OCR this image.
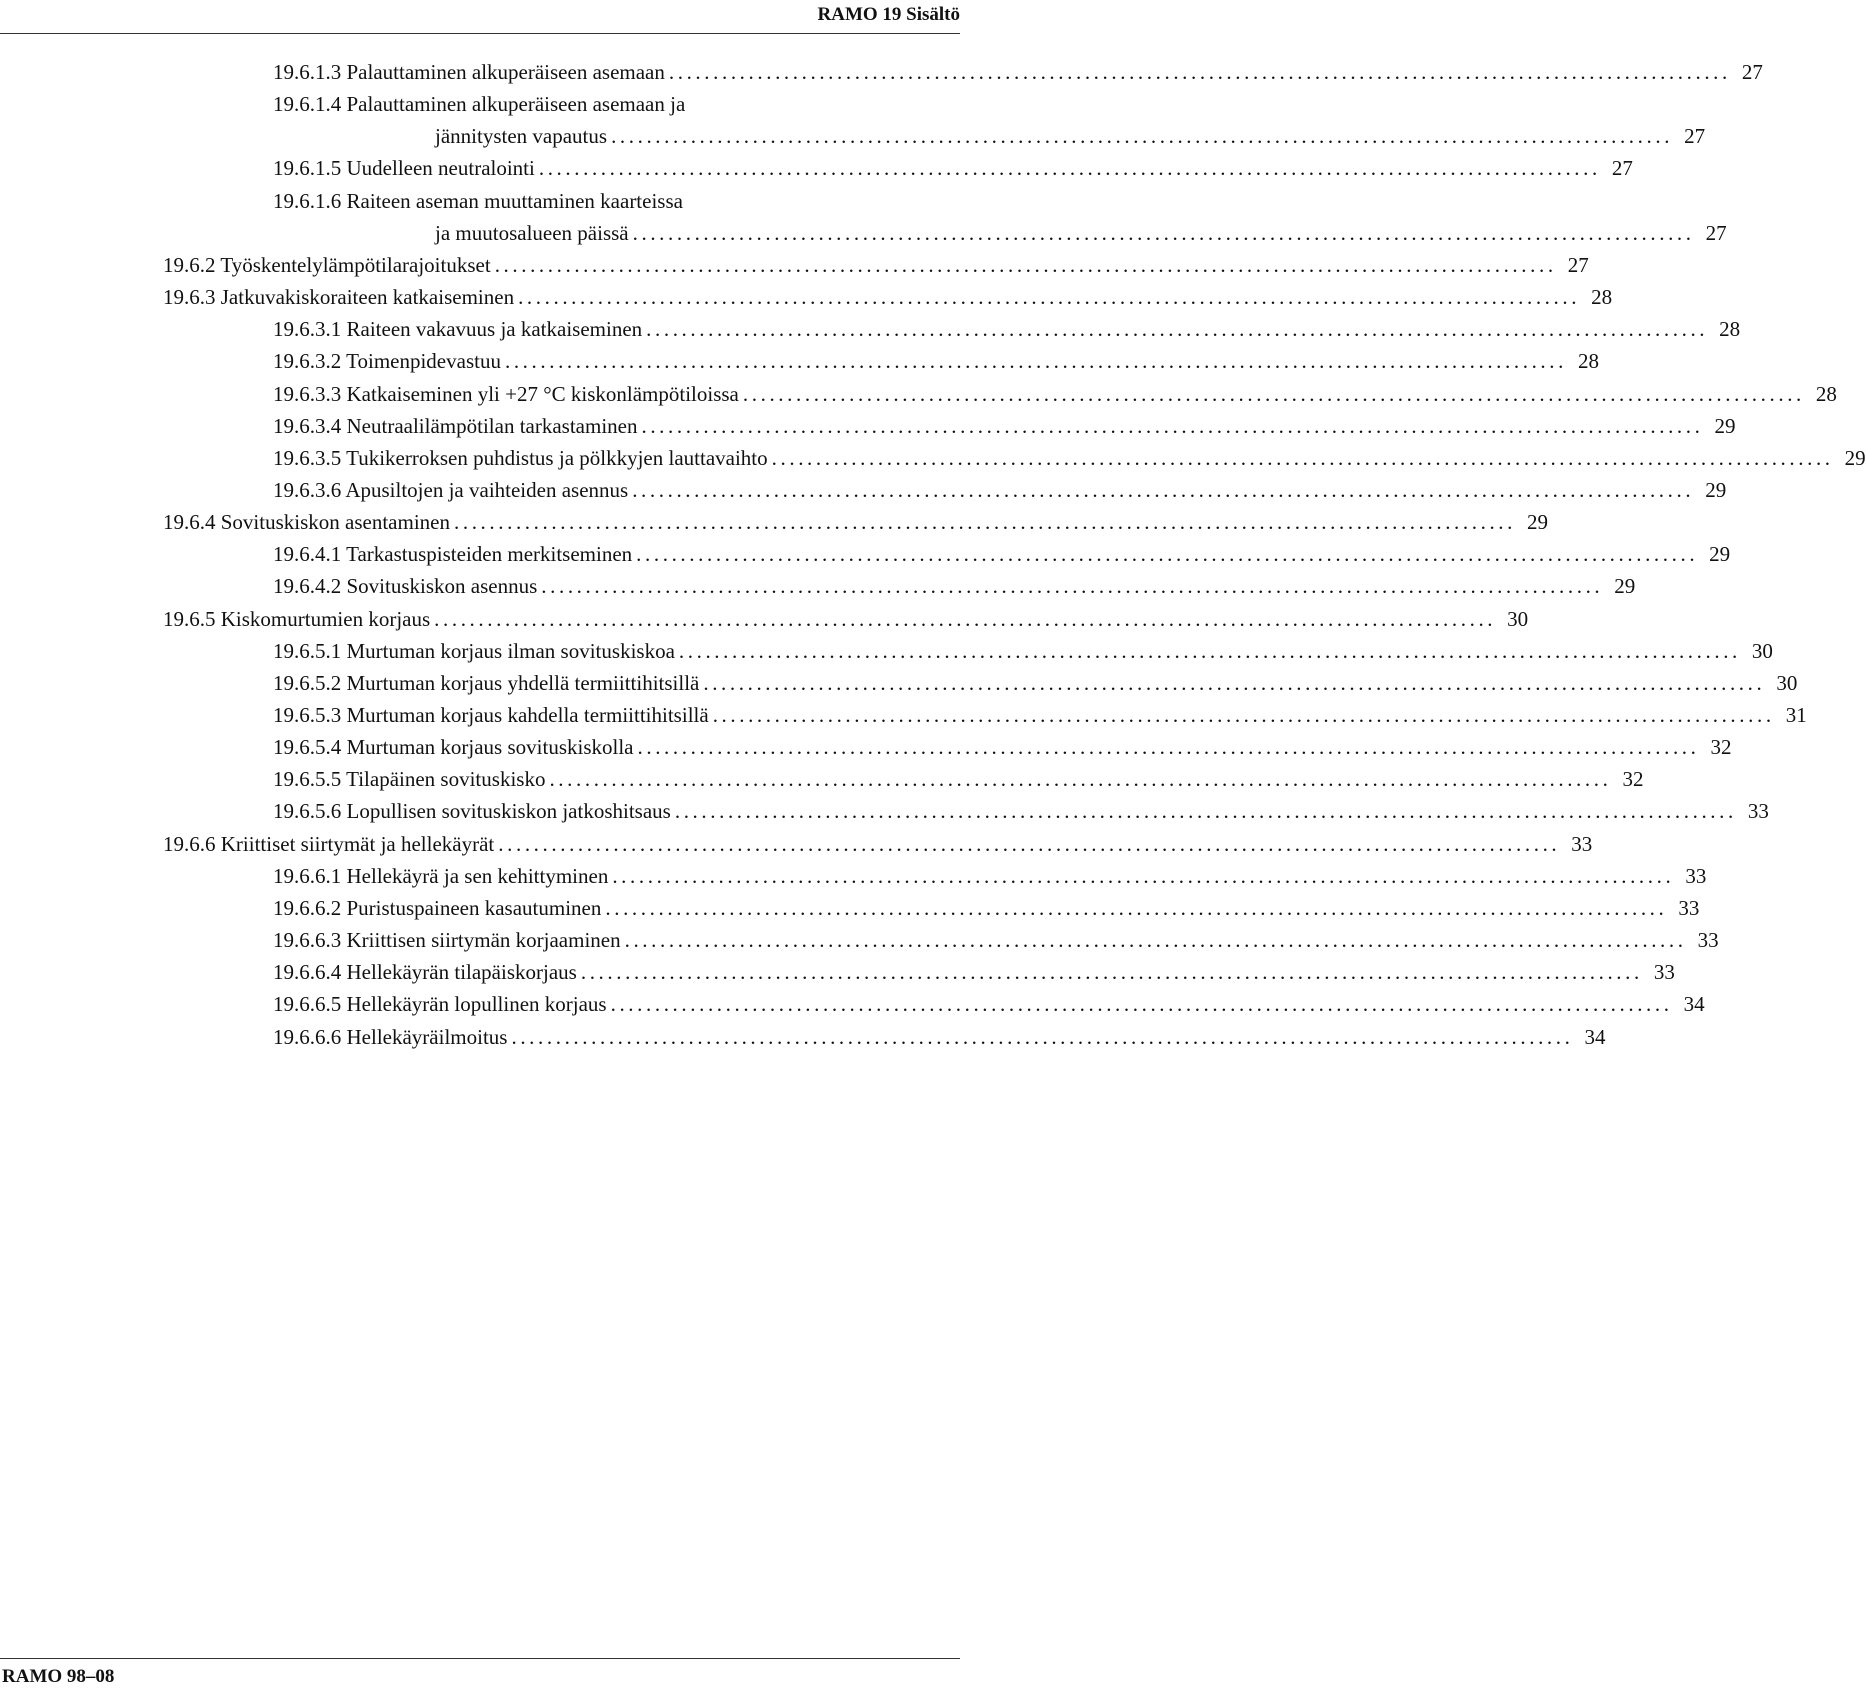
RAMO 19 Sisältö
19.6.1.3 Palauttaminen alkuperäiseen asemaan ........................................................................................................................ 27
19.6.1.4 Palauttaminen alkuperäiseen asemaan ja
jännitysten vapautus ........................................................................................................................ 27
19.6.1.5 Uudelleen neutralointi ........................................................................................................................ 27
19.6.1.6 Raiteen aseman muuttaminen kaarteissa
ja muutosalueen päissä ........................................................................................................................ 27
19.6.2 Työskentelylämpötilarajoitukset ........................................................................................................................ 27
19.6.3 Jatkuvakiskoraiteen katkaiseminen ........................................................................................................................ 28
19.6.3.1 Raiteen vakavuus ja katkaiseminen ........................................................................................................................ 28
19.6.3.2 Toimenpidevastuu ........................................................................................................................ 28
19.6.3.3 Katkaiseminen yli +27 °C kiskonlämpötiloissa ........................................................................................................................ 28
19.6.3.4 Neutraalilämpötilan tarkastaminen ........................................................................................................................ 29
19.6.3.5 Tukikerroksen puhdistus ja pölkkyjen lauttavaihto ........................................................................................................................ 29
19.6.3.6 Apusiltojen ja vaihteiden asennus ........................................................................................................................ 29
19.6.4 Sovituskiskon asentaminen ........................................................................................................................ 29
19.6.4.1 Tarkastuspisteiden merkitseminen ........................................................................................................................ 29
19.6.4.2 Sovituskiskon asennus ........................................................................................................................ 29
19.6.5 Kiskomurtumien korjaus ........................................................................................................................ 30
19.6.5.1 Murtuman korjaus ilman sovituskiskoa ........................................................................................................................ 30
19.6.5.2 Murtuman korjaus yhdellä termiittihitsillä ........................................................................................................................ 30
19.6.5.3 Murtuman korjaus kahdella termiittihitsillä ........................................................................................................................ 31
19.6.5.4 Murtuman korjaus sovituskiskolla ........................................................................................................................ 32
19.6.5.5 Tilapäinen sovituskisko ........................................................................................................................ 32
19.6.5.6 Lopullisen sovituskiskon jatkoshitsaus ........................................................................................................................ 33
19.6.6 Kriittiset siirtymät ja hellekäyrät ........................................................................................................................ 33
19.6.6.1 Hellekäyrä ja sen kehittyminen ........................................................................................................................ 33
19.6.6.2 Puristuspaineen kasautuminen ........................................................................................................................ 33
19.6.6.3 Kriittisen siirtymän korjaaminen ........................................................................................................................ 33
19.6.6.4 Hellekäyrän tilapäiskorjaus ........................................................................................................................ 33
19.6.6.5 Hellekäyrän lopullinen korjaus ........................................................................................................................ 34
19.6.6.6 Hellekäyräilmoitus ........................................................................................................................ 34
RAMO 98–08
